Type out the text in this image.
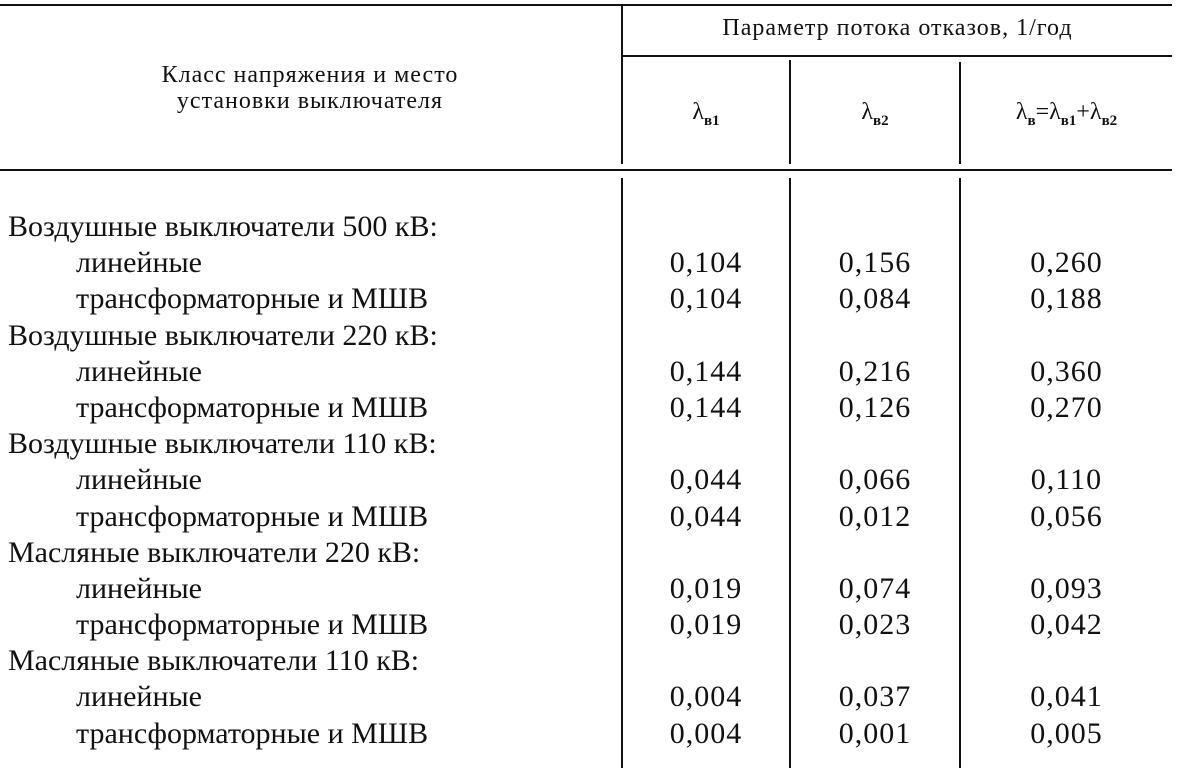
Класс напряжения и место
установки выключателя
Параметр потока отказов, 1/год
$\lambda_{в1}$	$\lambda_{в2}$	$\lambda_в=\lambda_{в1}+\lambda_{в2}$
Воздушные выключатели 500 кВ:
линейные	0,104	0,156	0,260
трансформаторные и МШВ	0,104	0,084	0,188
Воздушные выключатели 220 кВ:
линейные	0,144	0,216	0,360
трансформаторные и МШВ	0,144	0,126	0,270
Воздушные выключатели 110 кВ:
линейные	0,044	0,066	0,110
трансформаторные и МШВ	0,044	0,012	0,056
Масляные выключатели 220 кВ:
линейные	0,019	0,074	0,093
трансформаторные и МШВ	0,019	0,023	0,042
Масляные выключатели 110 кВ:
линейные	0,004	0,037	0,041
трансформаторные и МШВ	0,004	0,001	0,005
